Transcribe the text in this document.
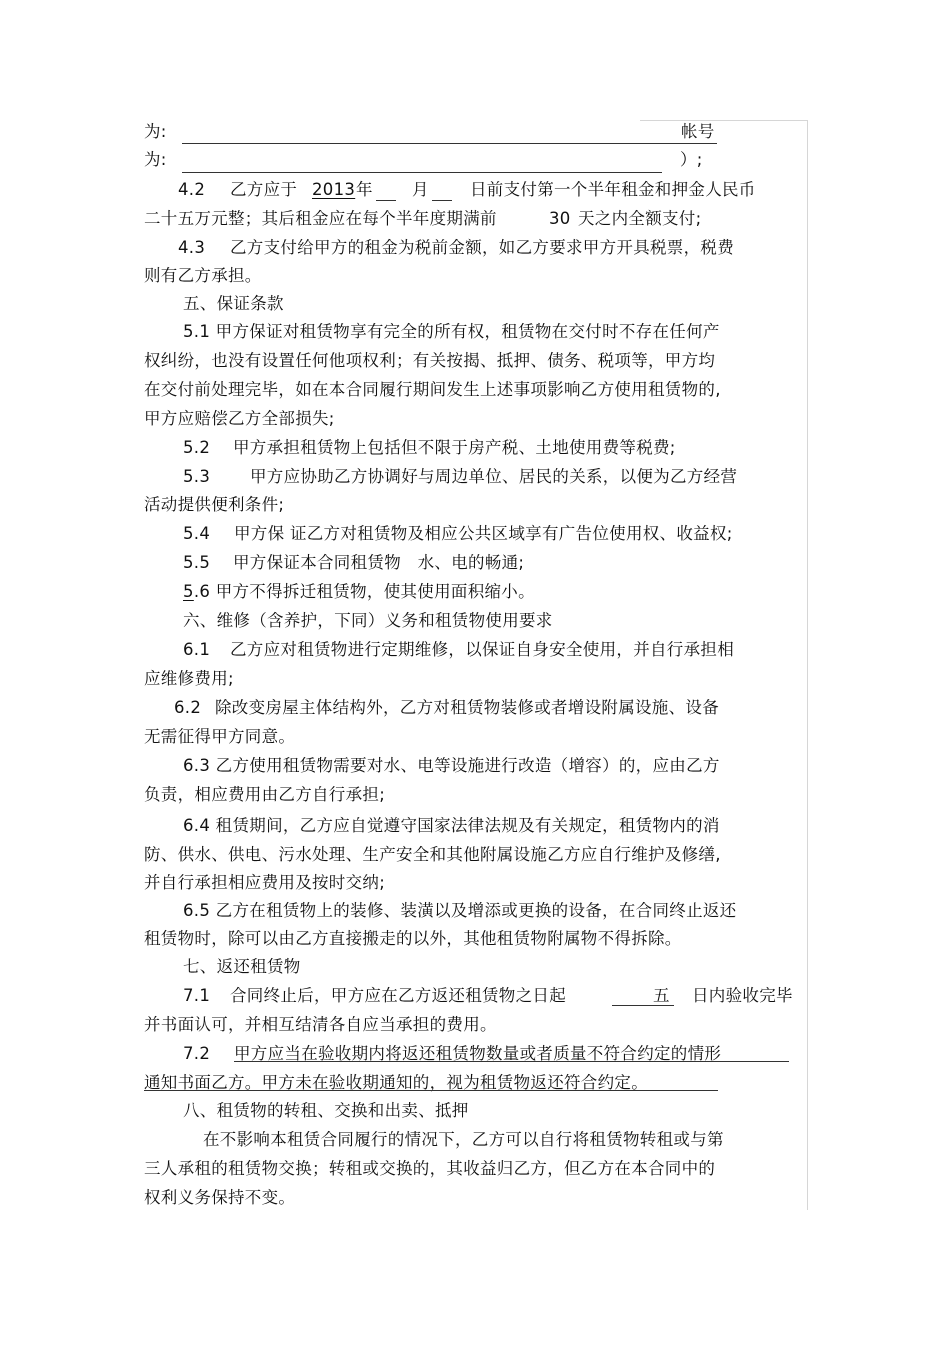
为:	帐号
为:	）;
4.2 乙方应于 2013 年 月 日前支付第一个半年租金和押金人民币
二十五万元整；其后租金应在每个半年度期满前	30 天之内全额支付;
4.3 乙方支付给甲方的租金为税前金额，如乙方要求甲方开具税票，税费
则有乙方承担。
五、保证条款
5.1 甲方保证对租赁物享有完全的所有权，租赁物在交付时不存在任何产
权纠纷，也没有设置任何他项权利；有关按揭、抵押、债务、税项等，甲方均
在交付前处理完毕，如在本合同履行期间发生上述事项影响乙方使用租赁物的,
甲方应赔偿乙方全部损失;
5.2 甲方承担租赁物上包括但不限于房产税、土地使用费等税费;
5.3 甲方应协助乙方协调好与周边单位、居民的关系，以便为乙方经营
活动提供便利条件;
5.4 甲方保 证乙方对租赁物及相应公共区域享有广告位使用权、收益权;
5.5 甲方保证本合同租赁物   水、电的畅通;
5.6 甲方不得拆迁租赁物，使其使用面积缩小。
六、维修（含养护，下同）义务和租赁物使用要求
6.1 乙方应对租赁物进行定期维修，以保证自身安全使用，并自行承担相
应维修费用;
6.2 除改变房屋主体结构外，乙方对租赁物装修或者增设附属设施、设备
无需征得甲方同意。
6.3 乙方使用租赁物需要对水、电等设施进行改造（增容）的，应由乙方
负责，相应费用由乙方自行承担;
6.4 租赁期间，乙方应自觉遵守国家法律法规及有关规定，租赁物内的消
防、供水、供电、污水处理、生产安全和其他附属设施乙方应自行维护及修缮,
并自行承担相应费用及按时交纳;
6.5 乙方在租赁物上的装修、装潢以及增添或更换的设备，在合同终止返还
租赁物时，除可以由乙方直接搬走的以外，其他租赁物附属物不得拆除。
七、返还租赁物
7.1 合同终止后，甲方应在乙方返还租赁物之日起	五 日内验收完毕
并书面认可，并相互结清各自应当承担的费用。
7.2 甲方应当在验收期内将返还租赁物数量或者质量不符合约定的情形
通知书面乙方。甲方未在验收期通知的，视为租赁物返还符合约定。
八、租赁物的转租、交换和出卖、抵押
在不影响本租赁合同履行的情况下，乙方可以自行将租赁物转租或与第
三人承租的租赁物交换；转租或交换的，其收益归乙方，但乙方在本合同中的
权利义务保持不变。
